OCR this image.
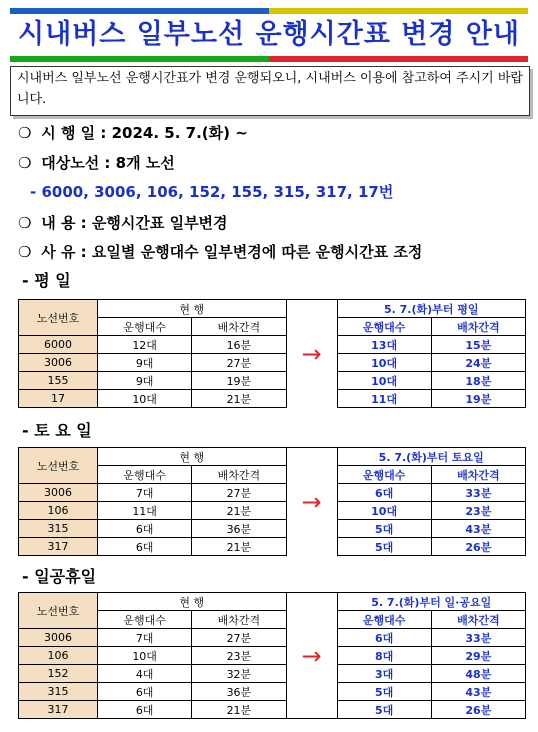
시내버스 일부노선 운행시간표 변경 안내
시내버스 일부노선 운행시간표가 변경 운행되오니, 시내버스 이용에 참고하여 주시기 바랍니다.
❍ 시 행 일 : 2024. 5. 7.(화) ~
❍ 대상노선 : 8개 노선
- 6000, 3006, 106, 152, 155, 315, 317, 17번
❍ 내 용 : 운행시간표 일부변경
❍ 사 유 : 요일별 운행대수 일부변경에 따른 운행시간표 조정
- 평 일
노선번호	현 행		→	5. 7.(화)부터 평일	
	운행대수	배차간격		운행대수	배차간격
6000	12대	16분		13대	15분
3006	9대	27분		10대	24분
155	9대	19분		10대	18분
17	10대	21분		11대	19분
- 토 요 일
노선번호	현 행		→	5. 7.(화)부터 토요일	
	운행대수	배차간격		운행대수	배차간격
3006	7대	27분		6대	33분
106	11대	21분		10대	23분
315	6대	36분		5대	43분
317	6대	21분		5대	26분
- 일공휴일
노선번호	현 행		→	5. 7.(화)부터 일·공요일	
	운행대수	배차간격		운행대수	배차간격
3006	7대	27분		6대	33분
106	10대	23분		8대	29분
152	4대	32분		3대	48분
315	6대	36분		5대	43분
317	6대	21분		5대	26분
